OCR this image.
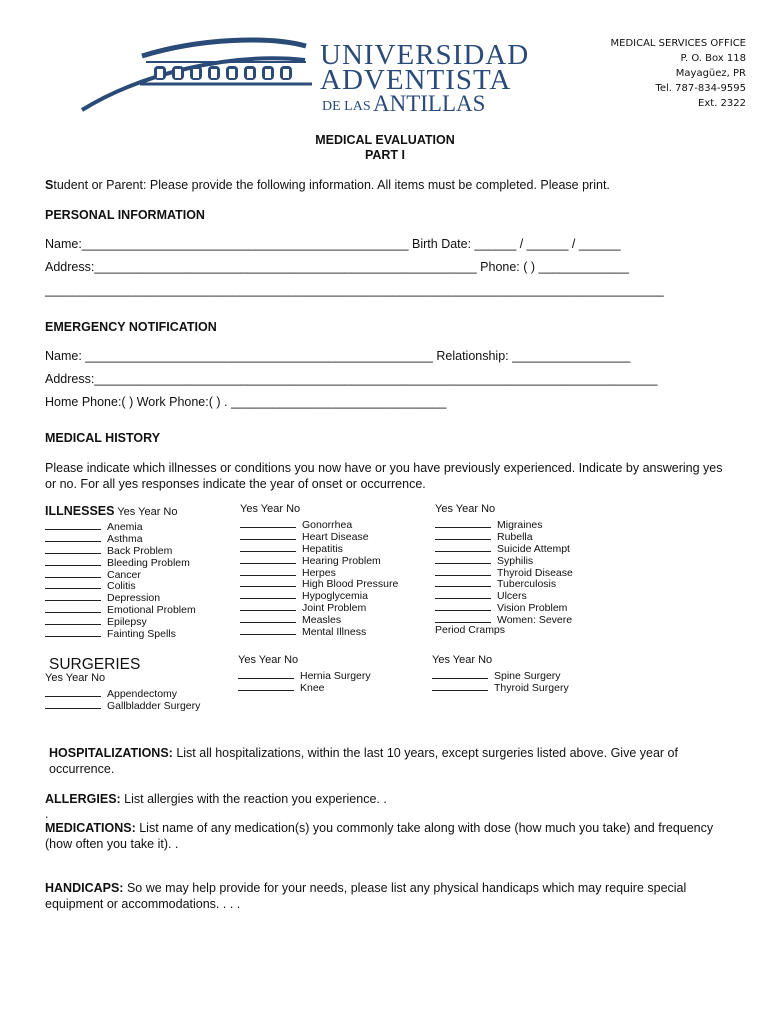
UNIVERSIDAD
ADVENTISTA
DE LAS ANTILLAS
MEDICAL SERVICES OFFICE
P. O. Box 118
Mayagüez, PR
Tel. 787-834-9595
Ext. 2322
MEDICAL EVALUATION
PART I
Student or Parent: Please provide the following information. All items must be completed. Please print.
PERSONAL INFORMATION
Name:_______________________________________________ Birth Date: ______ / ______ / ______
Address:_______________________________________________________ Phone: ( ) _____________
_________________________________________________________________________________________
EMERGENCY NOTIFICATION
Name: __________________________________________________ Relationship: _________________
Address:_________________________________________________________________________________
Home Phone:( ) Work Phone:( ) . _______________________________
MEDICAL HISTORY
Please indicate which illnesses or conditions you now have or you have previously experienced. Indicate by answering yes or no. For all yes responses indicate the year of onset or occurrence.
ILLNESSES Yes Year No
Anemia
Asthma
Back Problem
Bleeding Problem
Cancer
Colitis
Depression
Emotional Problem
Epilepsy
Fainting Spells
Yes Year No
Gonorrhea
Heart Disease
Hepatitis
Hearing Problem
Herpes
High Blood Pressure
Hypoglycemia
Joint Problem
Measles
Mental Illness
Yes Year No
Migraines
Rubella
Suicide Attempt
Syphilis
Thyroid Disease
Tuberculosis
Ulcers
Vision Problem
Women: Severe
Period Cramps
SURGERIES
Yes Year No
Appendectomy
Gallbladder Surgery
Yes Year No
Hernia Surgery
Knee
Yes Year No
Spine Surgery
Thyroid Surgery
HOSPITALIZATIONS: List all hospitalizations, within the last 10 years, except surgeries listed above. Give year of occurrence.
ALLERGIES: List allergies with the reaction you experience. .
.
MEDICATIONS: List name of any medication(s) you commonly take along with dose (how much you take) and frequency (how often you take it). .
HANDICAPS: So we may help provide for your needs, please list any physical handicaps which may require special equipment or accommodations. . . .
